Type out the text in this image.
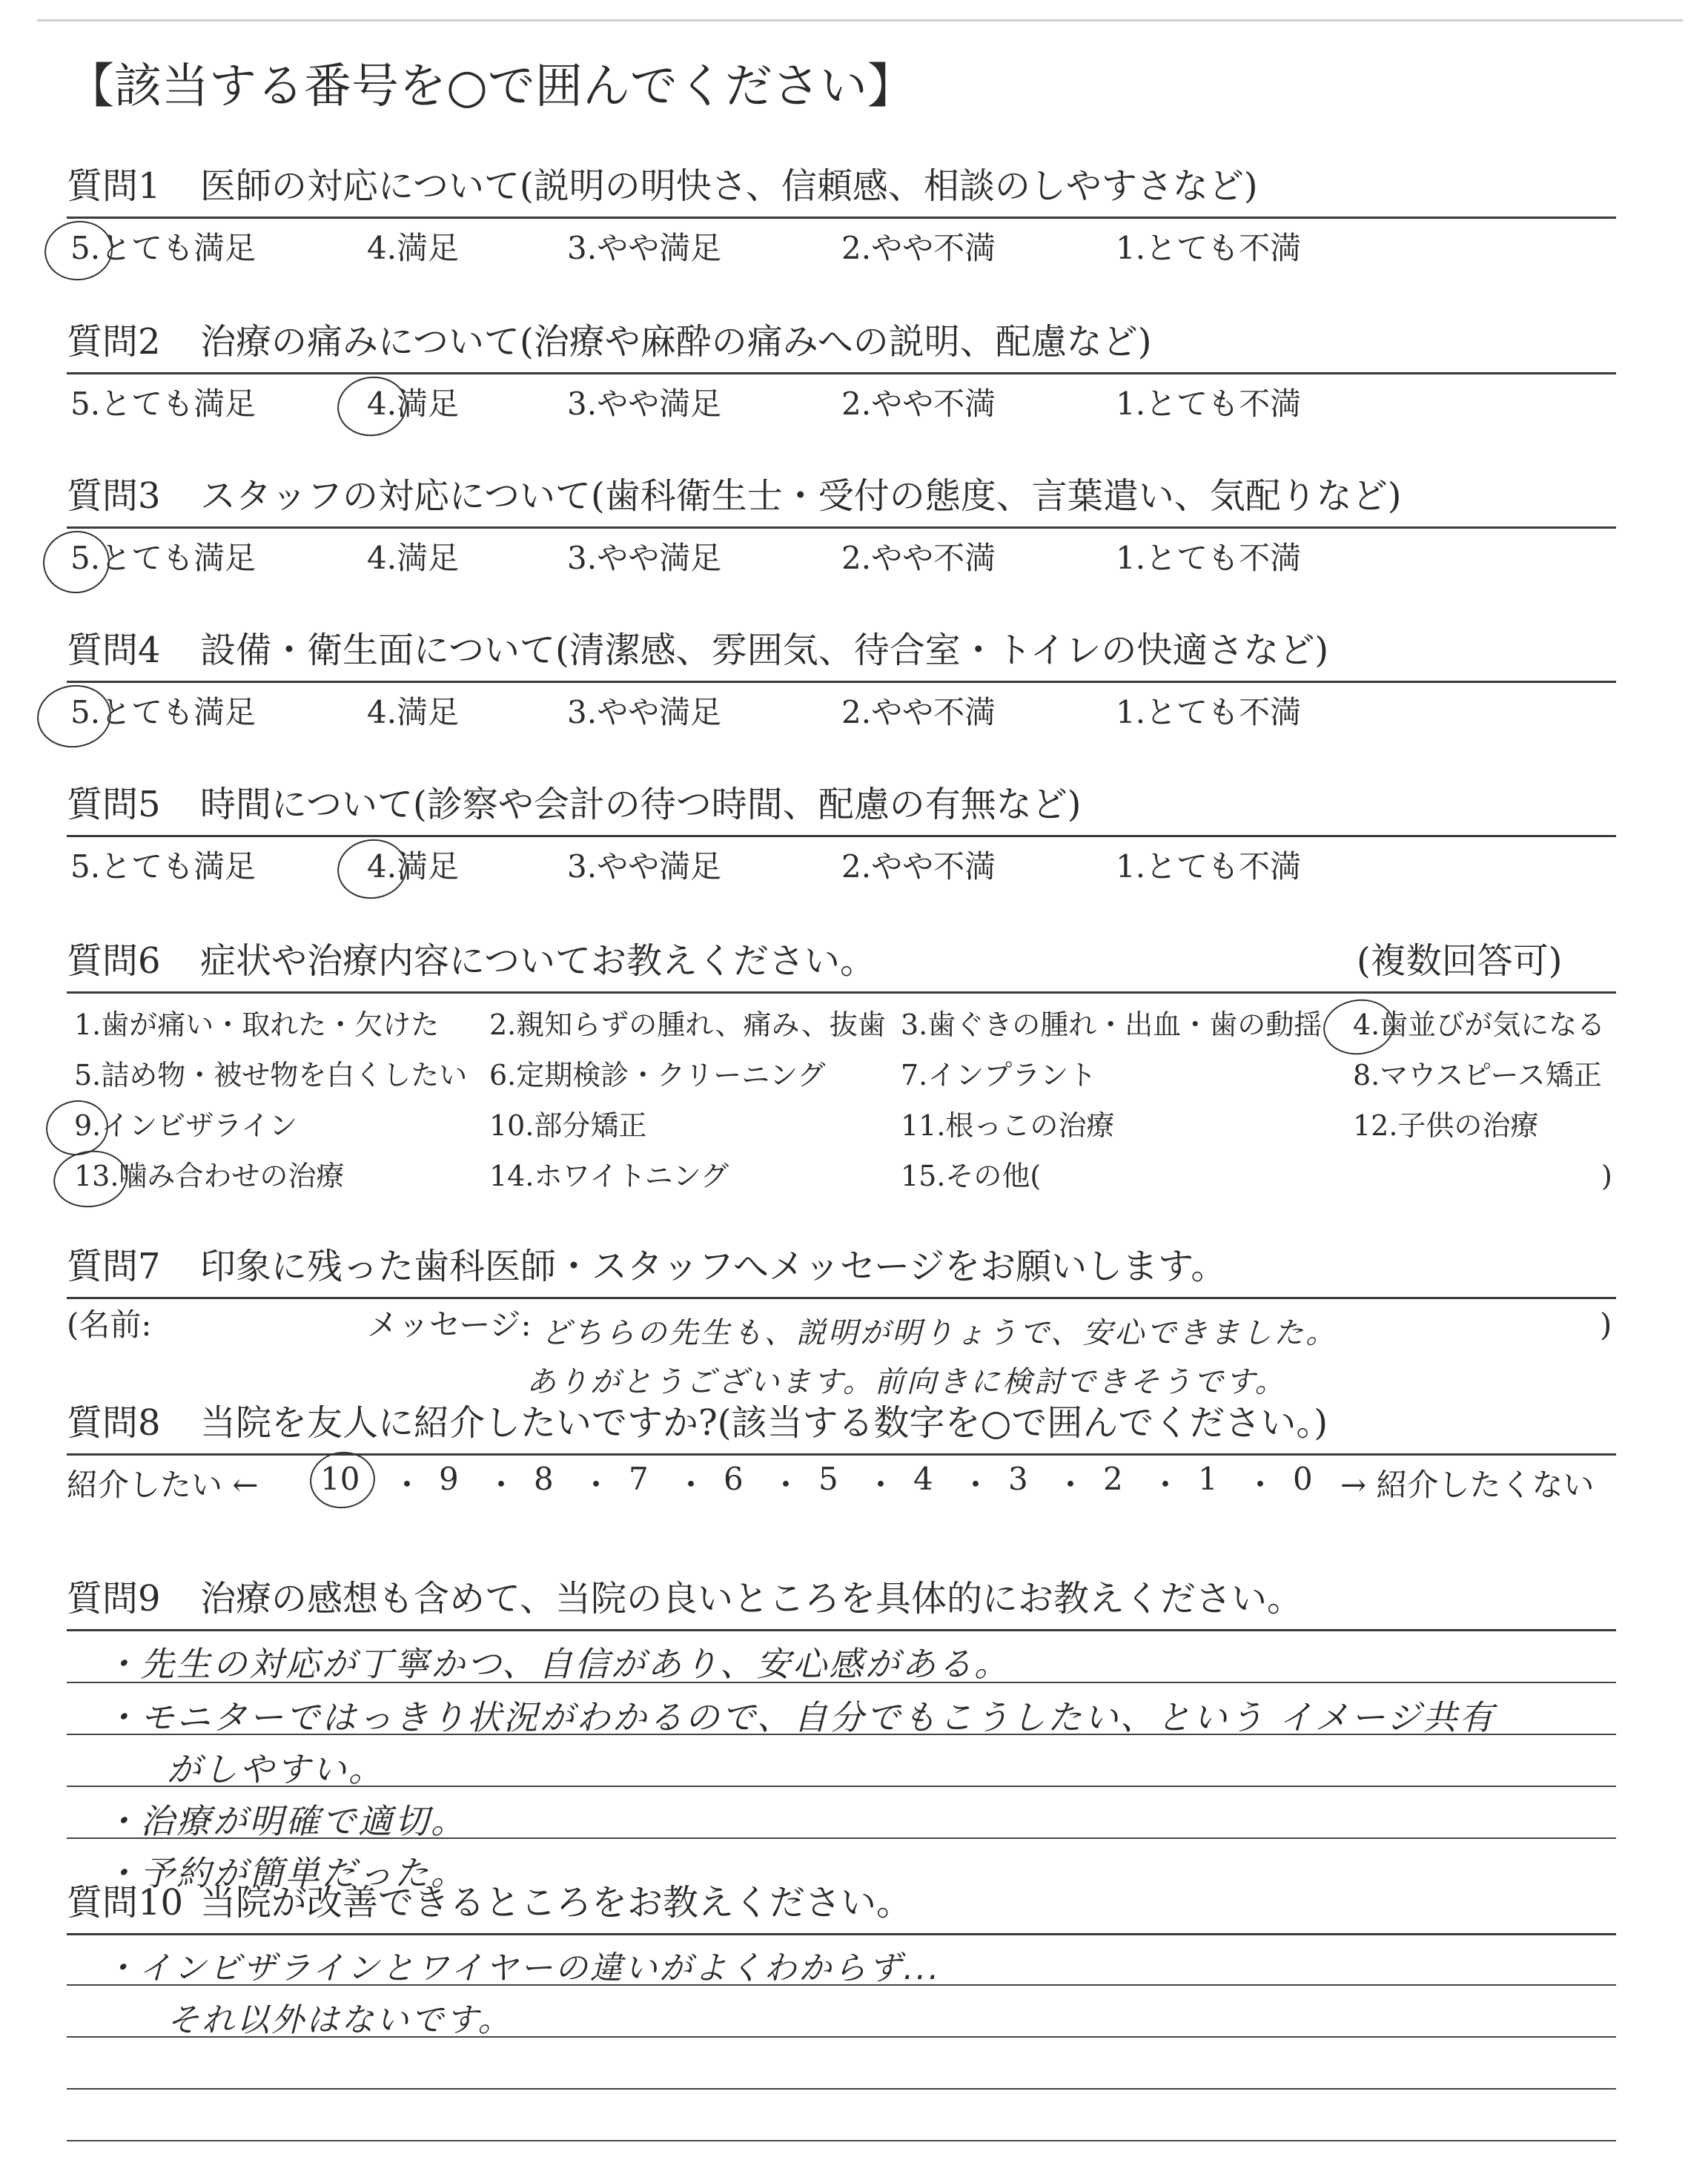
【該当する番号を○で囲んでください】
質問1 医師の対応について(説明の明快さ、信頼感、相談のしやすさなど)
5.とても満足	4.満足	3.やや満足	2.やや不満	1.とても不満
質問2 治療の痛みについて(治療や麻酔の痛みへの説明、配慮など)
5.とても満足	4.満足	3.やや満足	2.やや不満	1.とても不満
質問3 スタッフの対応について(歯科衛生士・受付の態度、言葉遣い、気配りなど)
5.とても満足	4.満足	3.やや満足	2.やや不満	1.とても不満
質問4 設備・衛生面について(清潔感、雰囲気、待合室・トイレの快適さなど)
5.とても満足	4.満足	3.やや満足	2.やや不満	1.とても不満
質問5 時間について(診察や会計の待つ時間、配慮の有無など)
5.とても満足	4.満足	3.やや満足	2.やや不満	1.とても不満
質問6 症状や治療内容についてお教えください。	(複数回答可)
1.歯が痛い・取れた・欠けた 2.親知らずの腫れ、痛み、抜歯 3.歯ぐきの腫れ・出血・歯の動揺 4.歯並びが気になる
5.詰め物・被せ物を白くしたい 6.定期検診・クリーニング	7.インプラント	8.マウスピース矯正
9.インビザライン	10.部分矯正	11.根っこの治療	12.子供の治療
13.噛み合わせの治療	14.ホワイトニング	15.その他(	)
質問7 印象に残った歯科医師・スタッフへメッセージをお願いします。
(名前:	メッセージ:	)
どちらの先生も、説明が明りょうで、安心できました。
ありがとうございます。前向きに検討できそうです。
質問8 当院を友人に紹介したいですか?(該当する数字を○で囲んでください。)
紹介したい ← 10 ・ 9 ・ 8 ・ 7 ・ 6 ・ 5 ・ 4 ・ 3 ・ 2 ・ 1 ・ 0 → 紹介したくない
質問9 治療の感想も含めて、当院の良いところを具体的にお教えください。
・先生の対応が丁寧かつ、自信があり、安心感がある。
・モニターではっきり状況がわかるので、自分でもこうしたい、という イメージ共有
がしやすい。
・治療が明確で適切。
・予約が簡単だった。
質問10 当院が改善できるところをお教えください。
・インビザラインとワイヤーの違いがよくわからず...
それ以外はないです。
